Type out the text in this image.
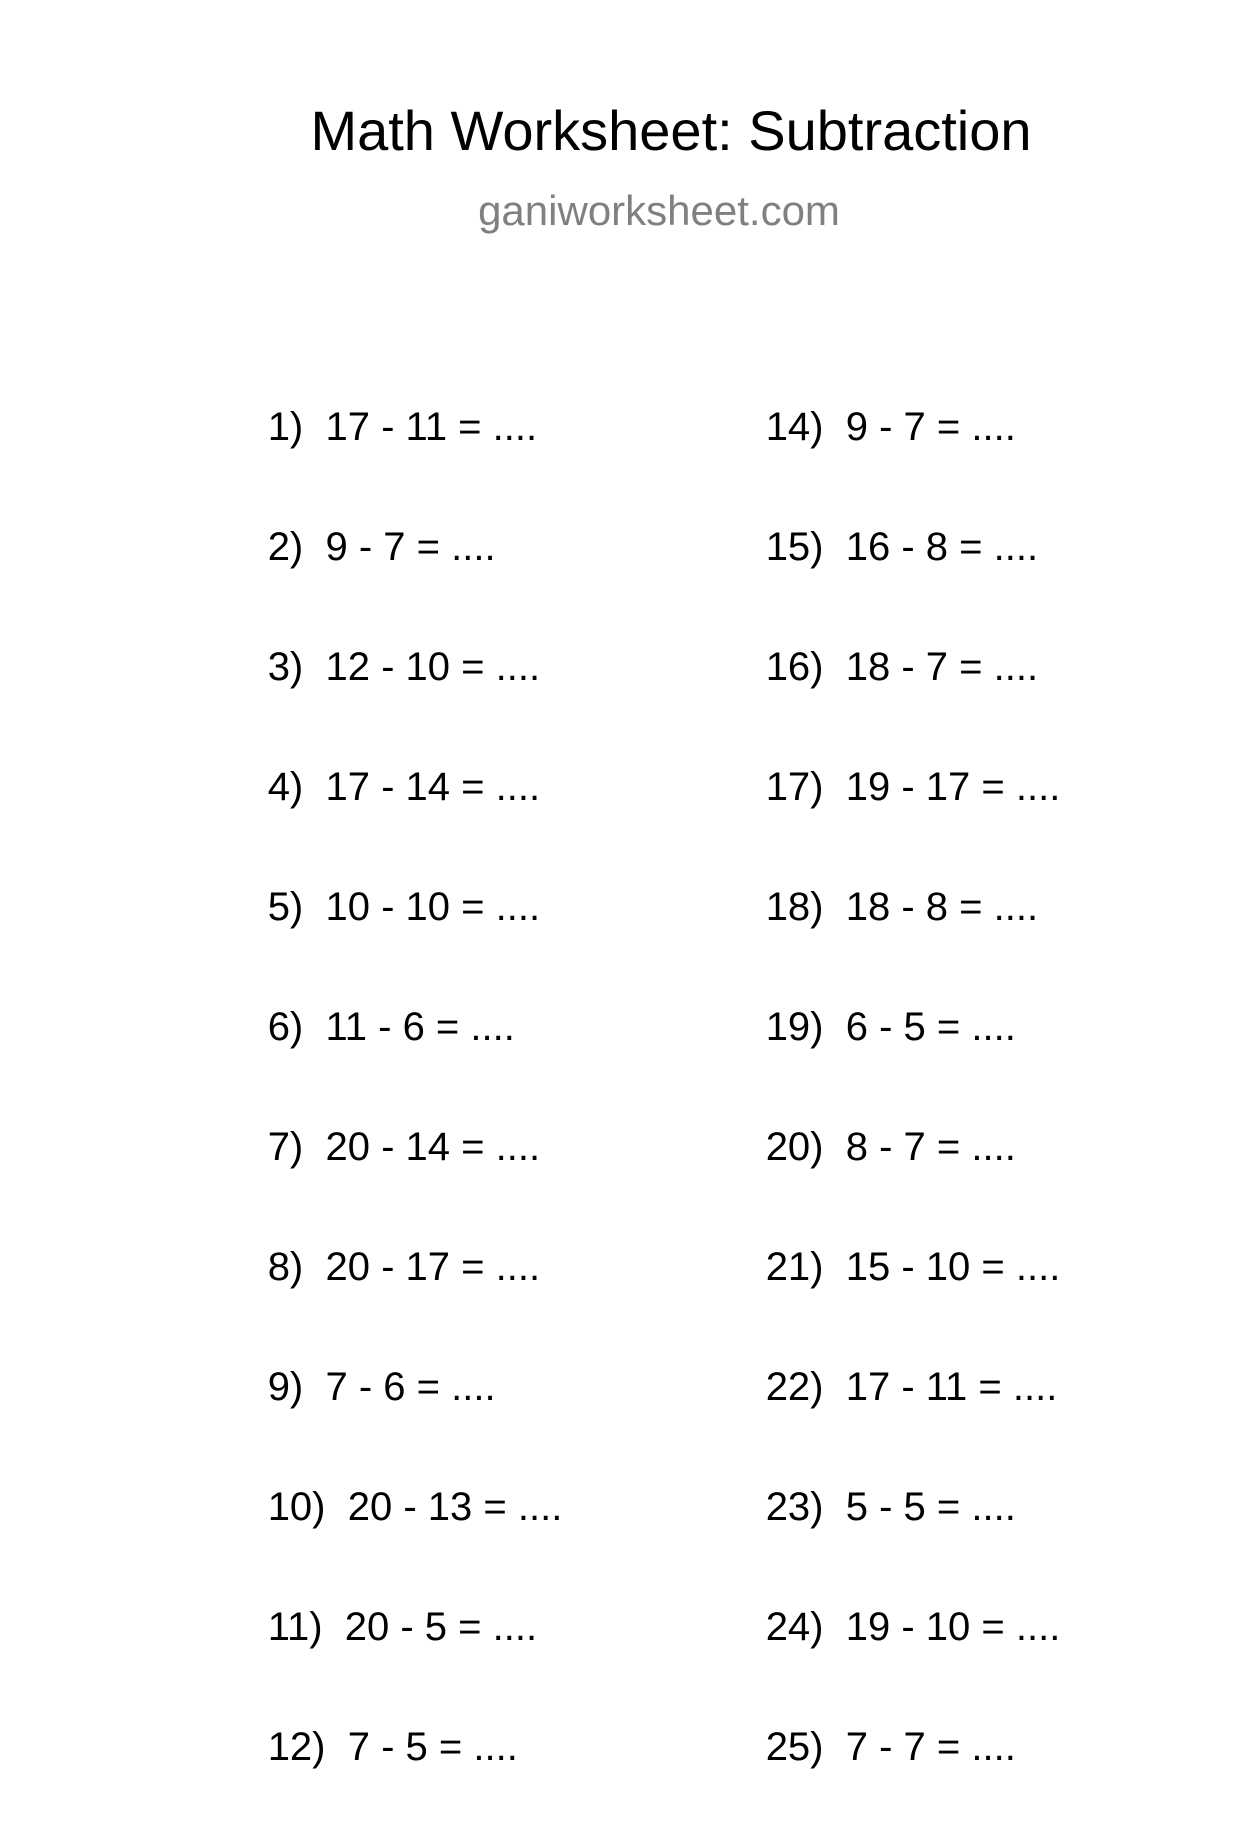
Math Worksheet: Subtraction
ganiworksheet.com

1) 17 - 11 = ....

2) 9 - 7 = ....

3) 12 - 10 = ....

4) 17 - 14 = ....

5) 10 - 10 = ....

6) 11 - 6 = ....

7) 20 - 14 = ....

8) 20 - 17 = ....

9) 7 - 6 = ....

10) 20 - 13 = ....

11) 20 - 5 = ....

12) 7 - 5 = ....

14) 9 - 7 = ....

15) 16 - 8 = ....

16) 18 - 7 = ....

17) 19 - 17 = ....

18) 18 - 8 = ....

19) 6 - 5 = ....

20) 8 - 7 = ....

21) 15 - 10 = ....

22) 17 - 11 = ....

23) 5 - 5 = ....

24) 19 - 10 = ....

25) 7 - 7 = ....
